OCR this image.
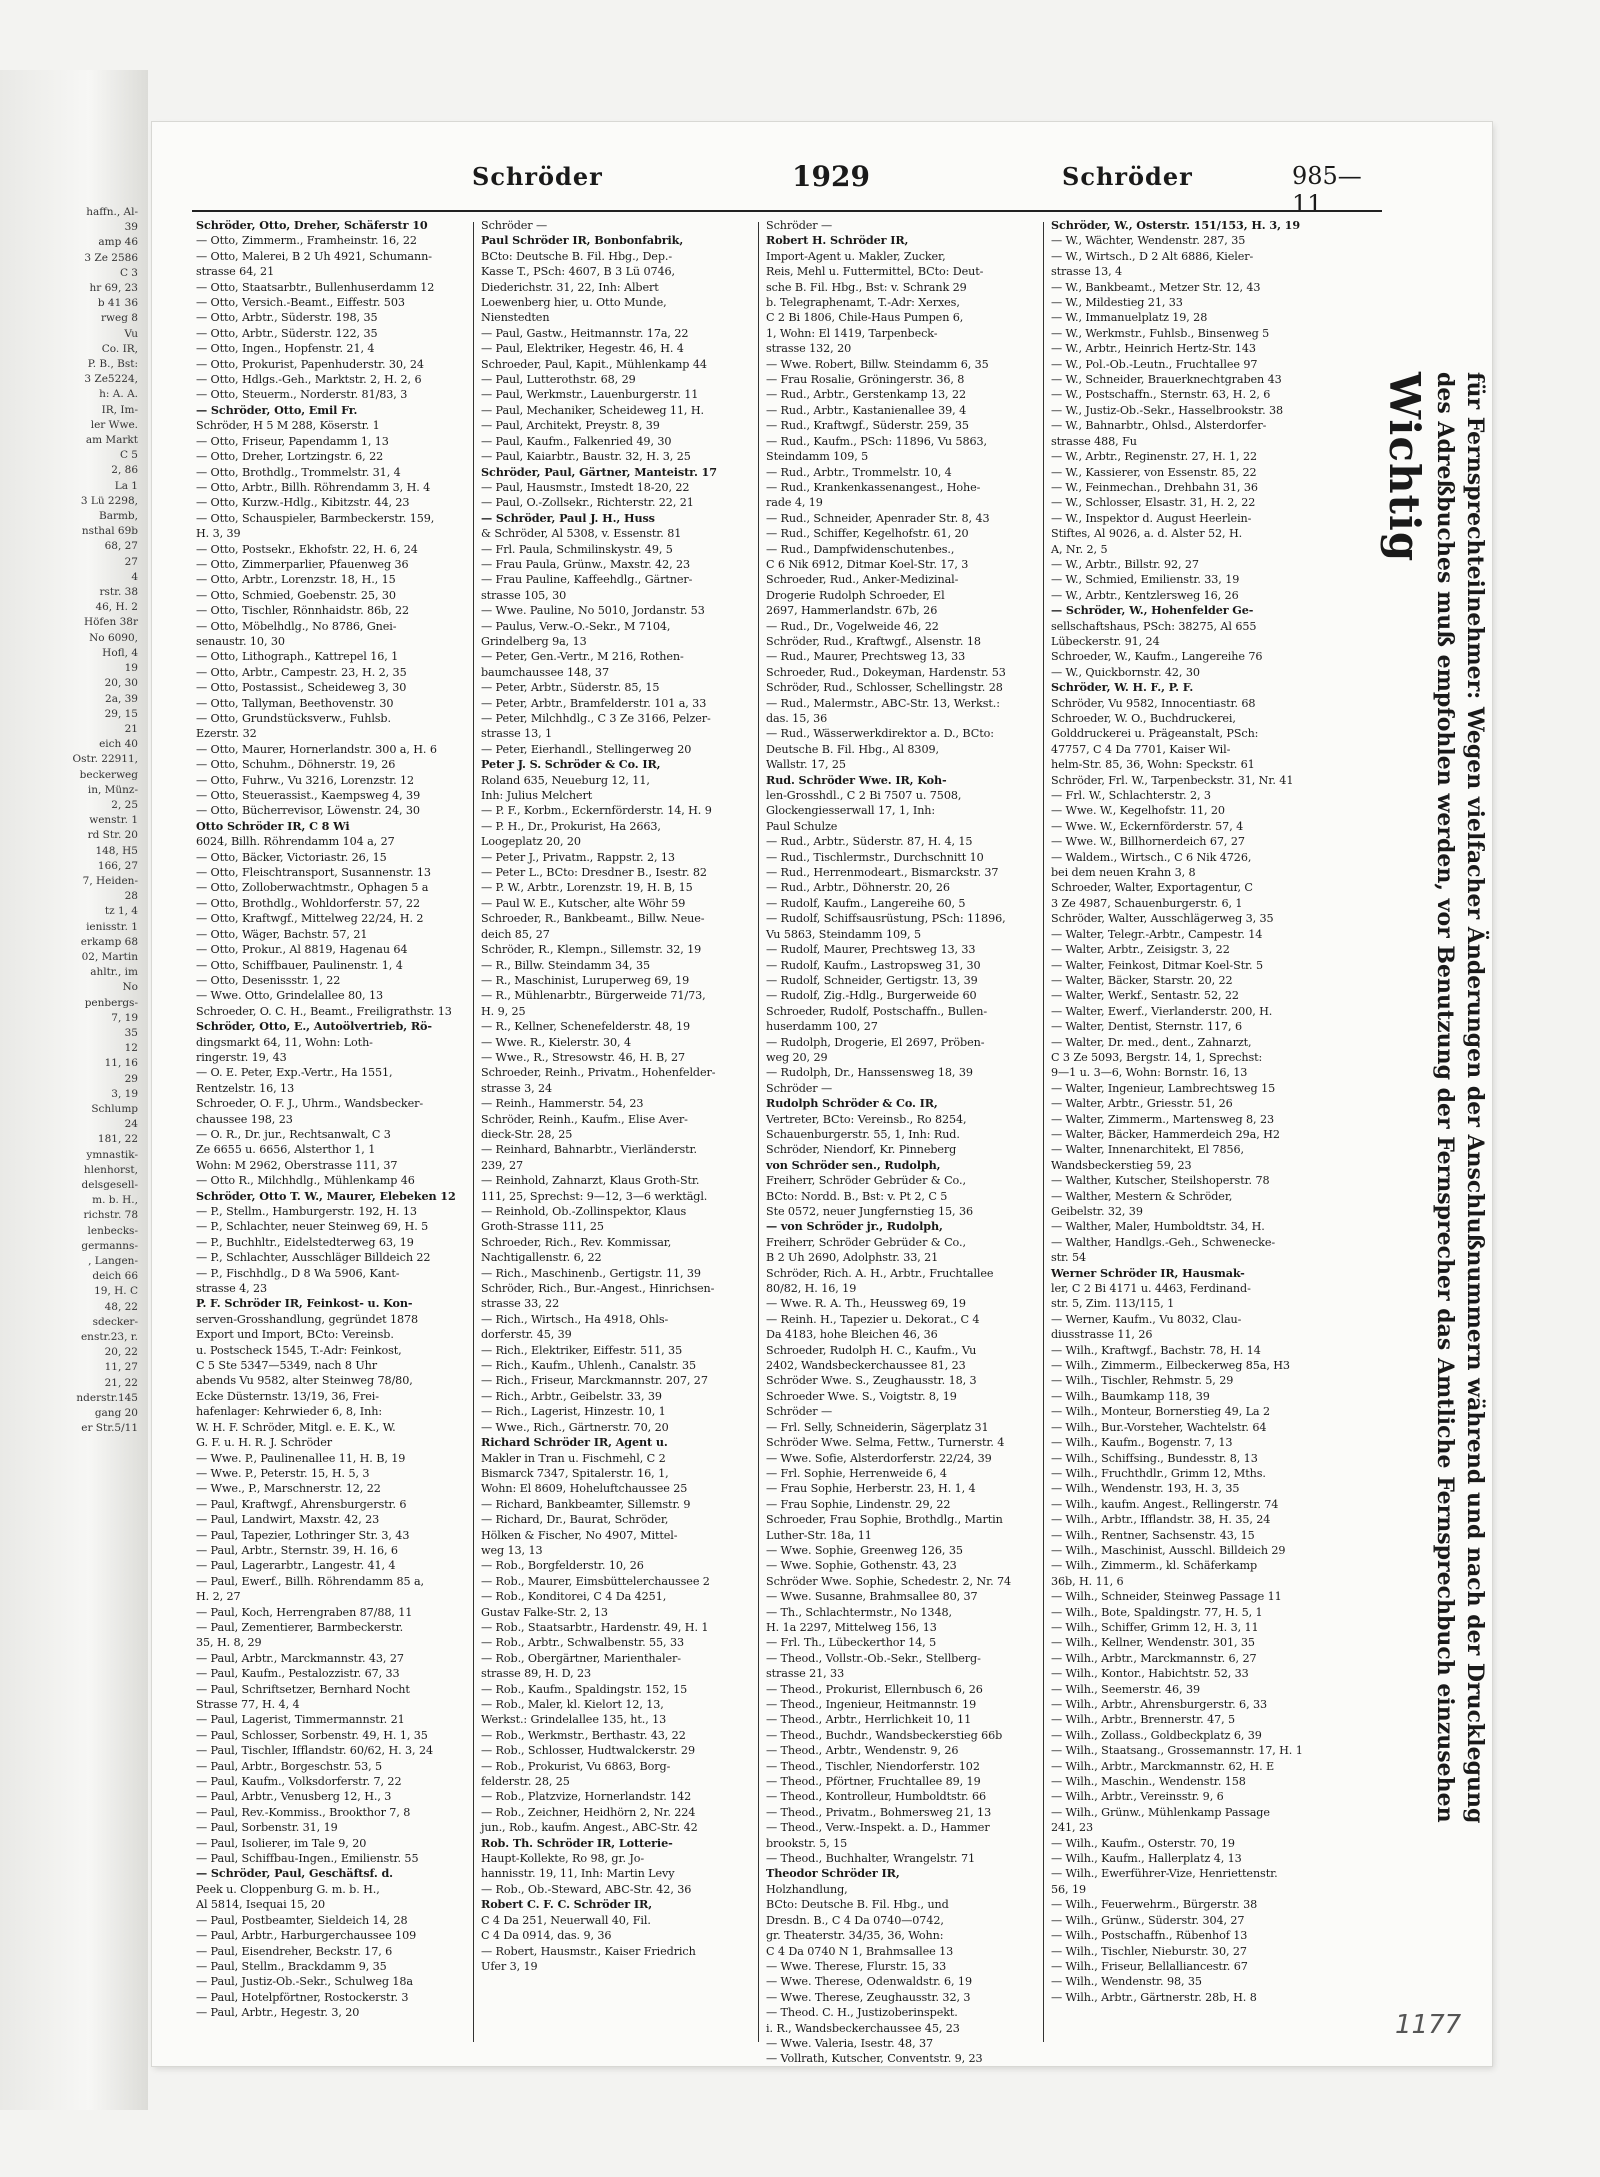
haffn., Al-
39
amp 46
3 Ze 2586
C 3
hr 69, 23
b 41 36
rweg 8
Vu
Co. IR,
P. B., Bst:
3 Ze5224,
h: A. A.
IR, Im-
ler Wwe.
am Markt
C 5
2, 86
La 1
3 Lü 2298,
Barmb,
nsthal 69b
68, 27
27
4
rstr. 38
46, H. 2
Höfen 38r
No 6090,
Hofl, 4
19
20, 30
2a, 39
29, 15
21
eich 40
Ostr. 22911,
beckerweg
in, Münz-
2, 25
wenstr. 1
rd Str. 20
148, H5
166, 27
7, Heiden-
28
tz 1, 4
ienisstr. 1
erkamp 68
02, Martin
ahltr., im
No
penbergs-
7, 19
35
12
11, 16
29
3, 19
Schlump
24
181, 22
ymnastik-
hlenhorst,
delsgesell-
m. b. H.,
richstr. 78
lenbecks-
germanns-
, Langen-
deich 66
19, H. C
48, 22
sdecker-
enstr.23, r.
20, 22
11, 27
21, 22
nderstr.145
gang 20
er Str.5/11
Schröder	1929	Schröder	985—11
Schröder, Otto, Dreher, Schäferstr 10
— Otto, Zimmerm., Framheinstr. 16, 22
— Otto, Malerei, B 2 Uh 4921, Schumann-
strasse 64, 21
— Otto, Staatsarbtr., Bullenhuserdamm 12
— Otto, Versich.-Beamt., Eiffestr. 503
— Otto, Arbtr., Süderstr. 198, 35
— Otto, Arbtr., Süderstr. 122, 35
— Otto, Ingen., Hopfenstr. 21, 4
— Otto, Prokurist, Papenhuderstr. 30, 24
— Otto, Hdlgs.-Geh., Marktstr. 2, H. 2, 6
— Otto, Steuerm., Norderstr. 81/83, 3
— Schröder, Otto, Emil Fr.
Schröder, H 5 M 288, Köserstr. 1
— Otto, Friseur, Papendamm 1, 13
— Otto, Dreher, Lortzingstr. 6, 22
— Otto, Brothdlg., Trommelstr. 31, 4
— Otto, Arbtr., Billh. Röhrendamm 3, H. 4
— Otto, Kurzw.-Hdlg., Kibitzstr. 44, 23
— Otto, Schauspieler, Barmbeckerstr. 159,
H. 3, 39
— Otto, Postsekr., Ekhofstr. 22, H. 6, 24
— Otto, Zimmerparlier, Pfauenweg 36
— Otto, Arbtr., Lorenzstr. 18, H., 15
— Otto, Schmied, Goebenstr. 25, 30
— Otto, Tischler, Rönnhaidstr. 86b, 22
— Otto, Möbelhdlg., No 8786, Gnei-
senaustr. 10, 30
— Otto, Lithograph., Kattrepel 16, 1
— Otto, Arbtr., Campestr. 23, H. 2, 35
— Otto, Postassist., Scheideweg 3, 30
— Otto, Tallyman, Beethovenstr. 30
— Otto, Grundstücksverw., Fuhlsb.
Ezerstr. 32
— Otto, Maurer, Hornerlandstr. 300 a, H. 6
— Otto, Schuhm., Döhnerstr. 19, 26
— Otto, Fuhrw., Vu 3216, Lorenzstr. 12
— Otto, Steuerassist., Kaempsweg 4, 39
— Otto, Bücherrevisor, Löwenstr. 24, 30
Otto Schröder IR, C 8 Wi
6024, Billh. Röhrendamm 104 a, 27
— Otto, Bäcker, Victoriastr. 26, 15
— Otto, Fleischtransport, Susannenstr. 13
— Otto, Zolloberwachtmstr., Ophagen 5 a
— Otto, Brothdlg., Wohldorferstr. 57, 22
— Otto, Kraftwgf., Mittelweg 22/24, H. 2
— Otto, Wäger, Bachstr. 57, 21
— Otto, Prokur., Al 8819, Hagenau 64
— Otto, Schiffbauer, Paulinenstr. 1, 4
— Otto, Desenissstr. 1, 22
— Wwe. Otto, Grindelallee 80, 13
Schroeder, O. C. H., Beamt., Freiligrathstr. 13
Schröder, Otto, E., Autoölvertrieb, Rö-
dingsmarkt 64, 11, Wohn: Loth-
ringerstr. 19, 43
— O. E. Peter, Exp.-Vertr., Ha 1551,
Rentzelstr. 16, 13
Schroeder, O. F. J., Uhrm., Wandsbecker-
chaussee 198, 23
— O. R., Dr. jur., Rechtsanwalt, C 3
Ze 6655 u. 6656, Alsterthor 1, 1
Wohn: M 2962, Oberstrasse 111, 37
— Otto R., Milchhdlg., Mühlenkamp 46
Schröder, Otto T. W., Maurer, Elebeken 12
— P., Stellm., Hamburgerstr. 192, H. 13
— P., Schlachter, neuer Steinweg 69, H. 5
— P., Buchhltr., Eidelstedterweg 63, 19
— P., Schlachter, Ausschläger Billdeich 22
— P., Fischhdlg., D 8 Wa 5906, Kant-
strasse 4, 23
P. F. Schröder IR, Feinkost- u. Kon-
serven-Grosshandlung, gegründet 1878
Export und Import, BCto: Vereinsb.
u. Postscheck 1545, T.-Adr: Feinkost,
C 5 Ste 5347—5349, nach 8 Uhr
abends Vu 9582, alter Steinweg 78/80,
Ecke Düsternstr. 13/19, 36, Frei-
hafenlager: Kehrwieder 6, 8, Inh:
W. H. F. Schröder, Mitgl. e. E. K., W.
G. F. u. H. R. J. Schröder
— Wwe. P., Paulinenallee 11, H. B, 19
— Wwe. P., Peterstr. 15, H. 5, 3
— Wwe., P., Marschnerstr. 12, 22
— Paul, Kraftwgf., Ahrensburgerstr. 6
— Paul, Landwirt, Maxstr. 42, 23
— Paul, Tapezier, Lothringer Str. 3, 43
— Paul, Arbtr., Sternstr. 39, H. 16, 6
— Paul, Lagerarbtr., Langestr. 41, 4
— Paul, Ewerf., Billh. Röhrendamm 85 a,
H. 2, 27
— Paul, Koch, Herrengraben 87/88, 11
— Paul, Zementierer, Barmbeckerstr.
35, H. 8, 29
— Paul, Arbtr., Marckmannstr. 43, 27
— Paul, Kaufm., Pestalozzistr. 67, 33
— Paul, Schriftsetzer, Bernhard Nocht
Strasse 77, H. 4, 4
— Paul, Lagerist, Timmermannstr. 21
— Paul, Schlosser, Sorbenstr. 49, H. 1, 35
— Paul, Tischler, Ifflandstr. 60/62, H. 3, 24
— Paul, Arbtr., Borgeschstr. 53, 5
— Paul, Kaufm., Volksdorferstr. 7, 22
— Paul, Arbtr., Venusberg 12, H., 3
— Paul, Rev.-Kommiss., Brookthor 7, 8
— Paul, Sorbenstr. 31, 19
— Paul, Isolierer, im Tale 9, 20
— Paul, Schiffbau-Ingen., Emilienstr. 55
— Schröder, Paul, Geschäftsf. d.
Peek u. Cloppenburg G. m. b. H.,
Al 5814, Isequai 15, 20
— Paul, Postbeamter, Sieldeich 14, 28
— Paul, Arbtr., Harburgerchaussee 109
— Paul, Eisendreher, Beckstr. 17, 6
— Paul, Stellm., Brackdamm 9, 35
— Paul, Justiz-Ob.-Sekr., Schulweg 18a
— Paul, Hotelpförtner, Rostockerstr. 3
— Paul, Arbtr., Hegestr. 3, 20
Schröder —
Paul Schröder IR, Bonbonfabrik,
BCto: Deutsche B. Fil. Hbg., Dep.-
Kasse T., PSch: 4607, B 3 Lü 0746,
Diederichstr. 31, 22, Inh: Albert
Loewenberg hier, u. Otto Munde,
Nienstedten
— Paul, Gastw., Heitmannstr. 17a, 22
— Paul, Elektriker, Hegestr. 46, H. 4
Schroeder, Paul, Kapit., Mühlenkamp 44
— Paul, Lutterothstr. 68, 29
— Paul, Werkmstr., Lauenburgerstr. 11
— Paul, Mechaniker, Scheideweg 11, H.
— Paul, Architekt, Preystr. 8, 39
— Paul, Kaufm., Falkenried 49, 30
— Paul, Kaiarbtr., Baustr. 32, H. 3, 25
Schröder, Paul, Gärtner, Manteistr. 17
— Paul, Hausmstr., Imstedt 18-20, 22
— Paul, O.-Zollsekr., Richterstr. 22, 21
— Schröder, Paul J. H., Huss
& Schröder, Al 5308, v. Essenstr. 81
— Frl. Paula, Schmilinskystr. 49, 5
— Frau Paula, Grünw., Maxstr. 42, 23
— Frau Pauline, Kaffeehdlg., Gärtner-
strasse 105, 30
— Wwe. Pauline, No 5010, Jordanstr. 53
— Paulus, Verw.-O.-Sekr., M 7104,
Grindelberg 9a, 13
— Peter, Gen.-Vertr., M 216, Rothen-
baumchaussee 148, 37
— Peter, Arbtr., Süderstr. 85, 15
— Peter, Arbtr., Bramfelderstr. 101 a, 33
— Peter, Milchhdlg., C 3 Ze 3166, Pelzer-
strasse 13, 1
— Peter, Eierhandl., Stellingerweg 20
Peter J. S. Schröder & Co. IR,
Roland 635, Neueburg 12, 11,
Inh: Julius Melchert
— P. F., Korbm., Eckernförderstr. 14, H. 9
— P. H., Dr., Prokurist, Ha 2663,
Loogeplatz 20, 20
— Peter J., Privatm., Rappstr. 2, 13
— Peter L., BCto: Dresdner B., Isestr. 82
— P. W., Arbtr., Lorenzstr. 19, H. B, 15
— Paul W. E., Kutscher, alte Wöhr 59
Schroeder, R., Bankbeamt., Billw. Neue-
deich 85, 27
Schröder, R., Klempn., Sillemstr. 32, 19
— R., Billw. Steindamm 34, 35
— R., Maschinist, Luruperweg 69, 19
— R., Mühlenarbtr., Bürgerweide 71/73,
H. 9, 25
— R., Kellner, Schenefelderstr. 48, 19
— Wwe. R., Kielerstr. 30, 4
— Wwe., R., Stresowstr. 46, H. B, 27
Schroeder, Reinh., Privatm., Hohenfelder-
strasse 3, 24
— Reinh., Hammerstr. 54, 23
Schröder, Reinh., Kaufm., Elise Aver-
dieck-Str. 28, 25
— Reinhard, Bahnarbtr., Vierländerstr.
239, 27
— Reinhold, Zahnarzt, Klaus Groth-Str.
111, 25, Sprechst: 9—12, 3—6 werktägl.
— Reinhold, Ob.-Zollinspektor, Klaus
Groth-Strasse 111, 25
Schroeder, Rich., Rev. Kommissar,
Nachtigallenstr. 6, 22
— Rich., Maschinenb., Gertigstr. 11, 39
Schröder, Rich., Bur.-Angest., Hinrichsen-
strasse 33, 22
— Rich., Wirtsch., Ha 4918, Ohls-
dorferstr. 45, 39
— Rich., Elektriker, Eiffestr. 511, 35
— Rich., Kaufm., Uhlenh., Canalstr. 35
— Rich., Friseur, Marckmannstr. 207, 27
— Rich., Arbtr., Geibelstr. 33, 39
— Rich., Lagerist, Hinzestr. 10, 1
— Wwe., Rich., Gärtnerstr. 70, 20
Richard Schröder IR, Agent u.
Makler in Tran u. Fischmehl, C 2
Bismarck 7347, Spitalerstr. 16, 1,
Wohn: El 8609, Hoheluftchaussee 25
— Richard, Bankbeamter, Sillemstr. 9
— Richard, Dr., Baurat, Schröder,
Hölken & Fischer, No 4907, Mittel-
weg 13, 13
— Rob., Borgfelderstr. 10, 26
— Rob., Maurer, Eimsbüttelerchaussee 2
— Rob., Konditorei, C 4 Da 4251,
Gustav Falke-Str. 2, 13
— Rob., Staatsarbtr., Hardenstr. 49, H. 1
— Rob., Arbtr., Schwalbenstr. 55, 33
— Rob., Obergärtner, Marienthaler-
strasse 89, H. D, 23
— Rob., Kaufm., Spaldingstr. 152, 15
— Rob., Maler, kl. Kielort 12, 13,
Werkst.: Grindelallee 135, ht., 13
— Rob., Werkmstr., Berthastr. 43, 22
— Rob., Schlosser, Hudtwalckerstr. 29
— Rob., Prokurist, Vu 6863, Borg-
felderstr. 28, 25
— Rob., Platzvize, Hornerlandstr. 142
— Rob., Zeichner, Heidhörn 2, Nr. 224
jun., Rob., kaufm. Angest., ABC-Str. 42
Rob. Th. Schröder IR, Lotterie-
Haupt-Kollekte, Ro 98, gr. Jo-
hannisstr. 19, 11, Inh: Martin Levy
— Rob., Ob.-Steward, ABC-Str. 42, 36
Robert C. F. C. Schröder IR,
C 4 Da 251, Neuerwall 40, Fil.
C 4 Da 0914, das. 9, 36
— Robert, Hausmstr., Kaiser Friedrich
Ufer 3, 19
Schröder —
Robert H. Schröder IR,
Import-Agent u. Makler, Zucker,
Reis, Mehl u. Futtermittel, BCto: Deut-
sche B. Fil. Hbg., Bst: v. Schrank 29
b. Telegraphenamt, T.-Adr: Xerxes,
C 2 Bi 1806, Chile-Haus Pumpen 6,
1, Wohn: El 1419, Tarpenbeck-
strasse 132, 20
— Wwe. Robert, Billw. Steindamm 6, 35
— Frau Rosalie, Gröningerstr. 36, 8
— Rud., Arbtr., Gerstenkamp 13, 22
— Rud., Arbtr., Kastanienallee 39, 4
— Rud., Kraftwgf., Süderstr. 259, 35
— Rud., Kaufm., PSch: 11896, Vu 5863,
Steindamm 109, 5
— Rud., Arbtr., Trommelstr. 10, 4
— Rud., Krankenkassenangest., Hohe-
rade 4, 19
— Rud., Schneider, Apenrader Str. 8, 43
— Rud., Schiffer, Kegelhofstr. 61, 20
— Rud., Dampfwidenschutenbes.,
C 6 Nik 6912, Ditmar Koel-Str. 17, 3
Schroeder, Rud., Anker-Medizinal-
Drogerie Rudolph Schroeder, El
2697, Hammerlandstr. 67b, 26
— Rud., Dr., Vogelweide 46, 22
Schröder, Rud., Kraftwgf., Alsenstr. 18
— Rud., Maurer, Prechtsweg 13, 33
Schroeder, Rud., Dokeyman, Hardenstr. 53
Schröder, Rud., Schlosser, Schellingstr. 28
— Rud., Malermstr., ABC-Str. 13, Werkst.:
das. 15, 36
— Rud., Wässerwerkdirektor a. D., BCto:
Deutsche B. Fil. Hbg., Al 8309,
Wallstr. 17, 25
Rud. Schröder Wwe. IR, Koh-
len-Grosshdl., C 2 Bi 7507 u. 7508,
Glockengiesserwall 17, 1, Inh:
Paul Schulze
— Rud., Arbtr., Süderstr. 87, H. 4, 15
— Rud., Tischlermstr., Durchschnitt 10
— Rud., Herrenmodeart., Bismarckstr. 37
— Rud., Arbtr., Döhnerstr. 20, 26
— Rudolf, Kaufm., Langereihe 60, 5
— Rudolf, Schiffsausrüstung, PSch: 11896,
Vu 5863, Steindamm 109, 5
— Rudolf, Maurer, Prechtsweg 13, 33
— Rudolf, Kaufm., Lastropsweg 31, 30
— Rudolf, Schneider, Gertigstr. 13, 39
— Rudolf, Zig.-Hdlg., Burgerweide 60
Schroeder, Rudolf, Postschaffn., Bullen-
huserdamm 100, 27
— Rudolph, Drogerie, El 2697, Pröben-
weg 20, 29
— Rudolph, Dr., Hanssensweg 18, 39
Schröder —
Rudolph Schröder & Co. IR,
Vertreter, BCto: Vereinsb., Ro 8254,
Schauenburgerstr. 55, 1, Inh: Rud.
Schröder, Niendorf, Kr. Pinneberg
von Schröder sen., Rudolph,
Freiherr, Schröder Gebrüder & Co.,
BCto: Nordd. B., Bst: v. Pt 2, C 5
Ste 0572, neuer Jungfernstieg 15, 36
— von Schröder jr., Rudolph,
Freiherr, Schröder Gebrüder & Co.,
B 2 Uh 2690, Adolphstr. 33, 21
Schröder, Rich. A. H., Arbtr., Fruchtallee
80/82, H. 16, 19
— Wwe. R. A. Th., Heussweg 69, 19
— Reinh. H., Tapezier u. Dekorat., C 4
Da 4183, hohe Bleichen 46, 36
Schroeder, Rudolph H. C., Kaufm., Vu
2402, Wandsbeckerchaussee 81, 23
Schröder Wwe. S., Zeughausstr. 18, 3
Schroeder Wwe. S., Voigtstr. 8, 19
Schröder —
— Frl. Selly, Schneiderin, Sägerplatz 31
Schröder Wwe. Selma, Fettw., Turnerstr. 4
— Wwe. Sofie, Alsterdorferstr. 22/24, 39
— Frl. Sophie, Herrenweide 6, 4
— Frau Sophie, Herberstr. 23, H. 1, 4
— Frau Sophie, Lindenstr. 29, 22
Schroeder, Frau Sophie, Brothdlg., Martin
Luther-Str. 18a, 11
— Wwe. Sophie, Greenweg 126, 35
— Wwe. Sophie, Gothenstr. 43, 23
Schröder Wwe. Sophie, Schedestr. 2, Nr. 74
— Wwe. Susanne, Brahmsallee 80, 37
— Th., Schlachtermstr., No 1348,
H. 1a 2297, Mittelweg 156, 13
— Frl. Th., Lübeckerthor 14, 5
— Theod., Vollstr.-Ob.-Sekr., Stellberg-
strasse 21, 33
— Theod., Prokurist, Ellernbusch 6, 26
— Theod., Ingenieur, Heitmannstr. 19
— Theod., Arbtr., Herrlichkeit 10, 11
— Theod., Buchdr., Wandsbeckerstieg 66b
— Theod., Arbtr., Wendenstr. 9, 26
— Theod., Tischler, Niendorferstr. 102
— Theod., Pförtner, Fruchtallee 89, 19
— Theod., Kontrolleur, Humboldtstr. 66
— Theod., Privatm., Bohmersweg 21, 13
— Theod., Verw.-Inspekt. a. D., Hammer
brookstr. 5, 15
— Theod., Buchhalter, Wrangelstr. 71
Theodor Schröder IR,
Holzhandlung,
BCto: Deutsche B. Fil. Hbg., und
Dresdn. B., C 4 Da 0740—0742,
gr. Theaterstr. 34/35, 36, Wohn:
C 4 Da 0740 N 1, Brahmsallee 13
— Wwe. Therese, Flurstr. 15, 33
— Wwe. Therese, Odenwaldstr. 6, 19
— Wwe. Therese, Zeughausstr. 32, 3
— Theod. C. H., Justizoberinspekt.
i. R., Wandsbeckerchaussee 45, 23
— Wwe. Valeria, Isestr. 48, 37
— Vollrath, Kutscher, Conventstr. 9, 23
Schröder, W., Osterstr. 151/153, H. 3, 19
— W., Wächter, Wendenstr. 287, 35
— W., Wirtsch., D 2 Alt 6886, Kieler-
strasse 13, 4
— W., Bankbeamt., Metzer Str. 12, 43
— W., Mildestieg 21, 33
— W., Immanuelplatz 19, 28
— W., Werkmstr., Fuhlsb., Binsenweg 5
— W., Arbtr., Heinrich Hertz-Str. 143
— W., Pol.-Ob.-Leutn., Fruchtallee 97
— W., Schneider, Brauerknechtgraben 43
— W., Postschaffn., Sternstr. 63, H. 2, 6
— W., Justiz-Ob.-Sekr., Hasselbrookstr. 38
— W., Bahnarbtr., Ohlsd., Alsterdorfer-
strasse 488, Fu
— W., Arbtr., Reginenstr. 27, H. 1, 22
— W., Kassierer, von Essenstr. 85, 22
— W., Feinmechan., Drehbahn 31, 36
— W., Schlosser, Elsastr. 31, H. 2, 22
— W., Inspektor d. August Heerlein-
Stiftes, Al 9026, a. d. Alster 52, H.
A, Nr. 2, 5
— W., Arbtr., Billstr. 92, 27
— W., Schmied, Emilienstr. 33, 19
— W., Arbtr., Kentzlersweg 16, 26
— Schröder, W., Hohenfelder Ge-
sellschaftshaus, PSch: 38275, Al 655
Lübeckerstr. 91, 24
Schroeder, W., Kaufm., Langereihe 76
— W., Quickbornstr. 42, 30
Schröder, W. H. F., P. F.
Schröder, Vu 9582, Innocentiastr. 68
Schroeder, W. O., Buchdruckerei,
Golddruckerei u. Prägeanstalt, PSch:
47757, C 4 Da 7701, Kaiser Wil-
helm-Str. 85, 36, Wohn: Speckstr. 61
Schröder, Frl. W., Tarpenbeckstr. 31, Nr. 41
— Frl. W., Schlachterstr. 2, 3
— Wwe. W., Kegelhofstr. 11, 20
— Wwe. W., Eckernförderstr. 57, 4
— Wwe. W., Billhornerdeich 67, 27
— Waldem., Wirtsch., C 6 Nik 4726,
bei dem neuen Krahn 3, 8
Schroeder, Walter, Exportagentur, C
3 Ze 4987, Schauenburgerstr. 6, 1
Schröder, Walter, Ausschlägerweg 3, 35
— Walter, Telegr.-Arbtr., Campestr. 14
— Walter, Arbtr., Zeisigstr. 3, 22
— Walter, Feinkost, Ditmar Koel-Str. 5
— Walter, Bäcker, Starstr. 20, 22
— Walter, Werkf., Sentastr. 52, 22
— Walter, Ewerf., Vierlanderstr. 200, H.
— Walter, Dentist, Sternstr. 117, 6
— Walter, Dr. med., dent., Zahnarzt,
C 3 Ze 5093, Bergstr. 14, 1, Sprechst:
9—1 u. 3—6, Wohn: Bornstr. 16, 13
— Walter, Ingenieur, Lambrechtsweg 15
— Walter, Arbtr., Griesstr. 51, 26
— Walter, Zimmerm., Martensweg 8, 23
— Walter, Bäcker, Hammerdeich 29a, H2
— Walter, Innenarchitekt, El 7856,
Wandsbeckerstieg 59, 23
— Walther, Kutscher, Steilshoperstr. 78
— Walther, Mestern & Schröder,
Geibelstr. 32, 39
— Walther, Maler, Humboldtstr. 34, H.
— Walther, Handlgs.-Geh., Schwenecke-
str. 54
Werner Schröder IR, Hausmak-
ler, C 2 Bi 4171 u. 4463, Ferdinand-
str. 5, Zim. 113/115, 1
— Werner, Kaufm., Vu 8032, Clau-
diusstrasse 11, 26
— Wilh., Kraftwgf., Bachstr. 78, H. 14
— Wilh., Zimmerm., Eilbeckerweg 85a, H3
— Wilh., Tischler, Rehmstr. 5, 29
— Wilh., Baumkamp 118, 39
— Wilh., Monteur, Bornerstieg 49, La 2
— Wilh., Bur.-Vorsteher, Wachtelstr. 64
— Wilh., Kaufm., Bogenstr. 7, 13
— Wilh., Schiffsing., Bundesstr. 8, 13
— Wilh., Fruchthdlr., Grimm 12, Mths.
— Wilh., Wendenstr. 193, H. 3, 35
— Wilh., kaufm. Angest., Rellingerstr. 74
— Wilh., Arbtr., Ifflandstr. 38, H. 35, 24
— Wilh., Rentner, Sachsenstr. 43, 15
— Wilh., Maschinist, Ausschl. Billdeich 29
— Wilh., Zimmerm., kl. Schäferkamp
36b, H. 11, 6
— Wilh., Schneider, Steinweg Passage 11
— Wilh., Bote, Spaldingstr. 77, H. 5, 1
— Wilh., Schiffer, Grimm 12, H. 3, 11
— Wilh., Kellner, Wendenstr. 301, 35
— Wilh., Arbtr., Marckmannstr. 6, 27
— Wilh., Kontor., Habichtstr. 52, 33
— Wilh., Seemerstr. 46, 39
— Wilh., Arbtr., Ahrensburgerstr. 6, 33
— Wilh., Arbtr., Brennerstr. 47, 5
— Wilh., Zollass., Goldbeckplatz 6, 39
— Wilh., Staatsang., Grossemannstr. 17, H. 1
— Wilh., Arbtr., Marckmannstr. 62, H. E
— Wilh., Maschin., Wendenstr. 158
— Wilh., Arbtr., Vereinsstr. 9, 6
— Wilh., Grünw., Mühlenkamp Passage
241, 23
— Wilh., Kaufm., Osterstr. 70, 19
— Wilh., Kaufm., Hallerplatz 4, 13
— Wilh., Ewerführer-Vize, Henriettenstr.
56, 19
— Wilh., Feuerwehrm., Bürgerstr. 38
— Wilh., Grünw., Süderstr. 304, 27
— Wilh., Postschaffn., Rübenhof 13
— Wilh., Tischler, Nieburstr. 30, 27
— Wilh., Friseur, Bellalliancestr. 67
— Wilh., Wendenstr. 98, 35
— Wilh., Arbtr., Gärtnerstr. 28b, H. 8
Wichtig	für Fernsprechteilnehmer: Wegen vielfacher Änderungen der Anschlußnummern während und nach der Drucklegung des Adreßbuches muß empfohlen werden, vor Benutzung der Fernsprecher das Amtliche Fernsprechbuch einzusehen
1177
